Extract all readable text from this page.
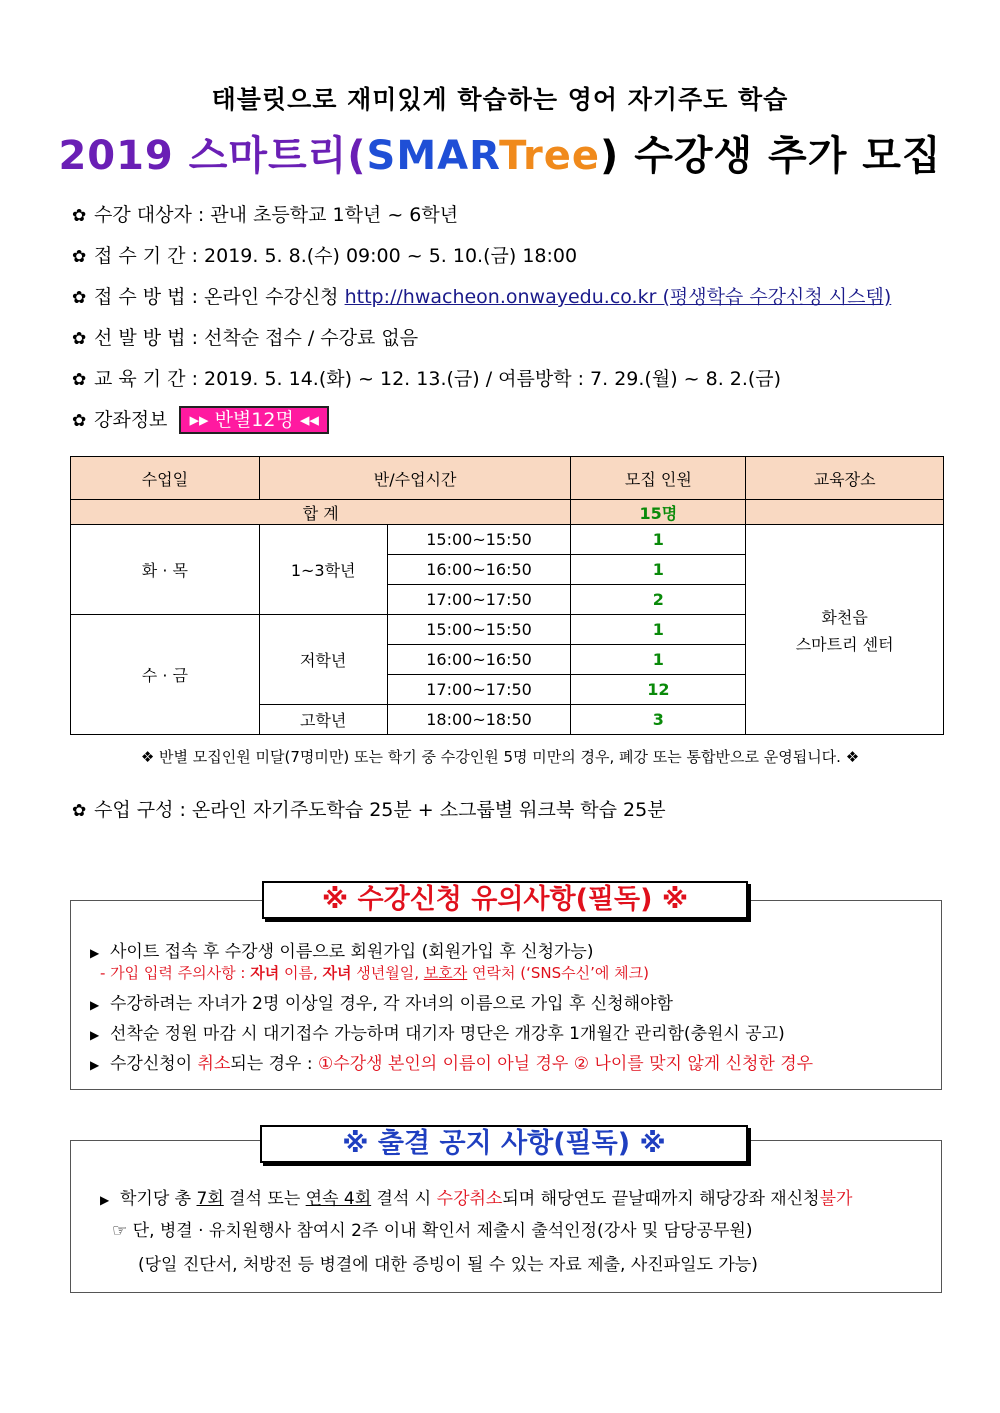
태블릿으로 재미있게 학습하는 영어 자기주도 학습
2019 스마트리(SMARTree) 수강생 추가 모집
✿ 수강 대상자 : 관내 초등학교 1학년 ~ 6학년
✿ 접 수 기 간 : 2019. 5. 8.(수) 09:00 ~ 5. 10.(금) 18:00
✿ 접 수 방 법 : 온라인 수강신청 http://hwacheon.onwayedu.co.kr (평생학습 수강신청 시스템)
✿ 선 발 방 법 : 선착순 접수 / 수강료 없음
✿ 교 육 기 간 : 2019. 5. 14.(화) ~ 12. 13.(금) / 여름방학 : 7. 29.(월) ~ 8. 2.(금)
✿ 강좌정보 ▸▸ 반별12명 ◂◂
수업일	반/수업시간		모집 인원	교육장소
합 계			15명	
화 · 목	1~3학년	15:00~15:50	1	화천읍
스마트리 센터

		16:00~16:50	1	
		17:00~17:50	2	
수 · 금	저학년	15:00~15:50	1	
		16:00~16:50	1	
		17:00~17:50	12	
	고학년	18:00~18:50	3	
❖ 반별 모집인원 미달(7명미만) 또는 학기 중 수강인원 5명 미만의 경우, 폐강 또는 통합반으로 운영됩니다. ❖
✿ 수업 구성 : 온라인 자기주도학습 25분 + 소그룹별 워크북 학습 25분
※ 수강신청 유의사항(필독) ※
▶ 사이트 접속 후 수강생 이름으로 회원가입 (회원가입 후 신청가능)
- 가입 입력 주의사항 : 자녀 이름, 자녀 생년월일, 보호자 연락처 (‘SNS수신’에 체크)
▶ 수강하려는 자녀가 2명 이상일 경우, 각 자녀의 이름으로 가입 후 신청해야함
▶ 선착순 정원 마감 시 대기접수 가능하며 대기자 명단은 개강후 1개월간 관리함(충원시 공고)
▶ 수강신청이 취소되는 경우 : ①수강생 본인의 이름이 아닐 경우 ② 나이를 맞지 않게 신청한 경우
※ 출결 공지 사항(필독) ※
▶ 학기당 총 7회 결석 또는 연속 4회 결석 시 수강취소되며 해당연도 끝날때까지 해당강좌 재신청불가
☞ 단, 병결 · 유치원행사 참여시 2주 이내 확인서 제출시 출석인정(강사 및 담당공무원)
(당일 진단서, 처방전 등 병결에 대한 증빙이 될 수 있는 자료 제출, 사진파일도 가능)
